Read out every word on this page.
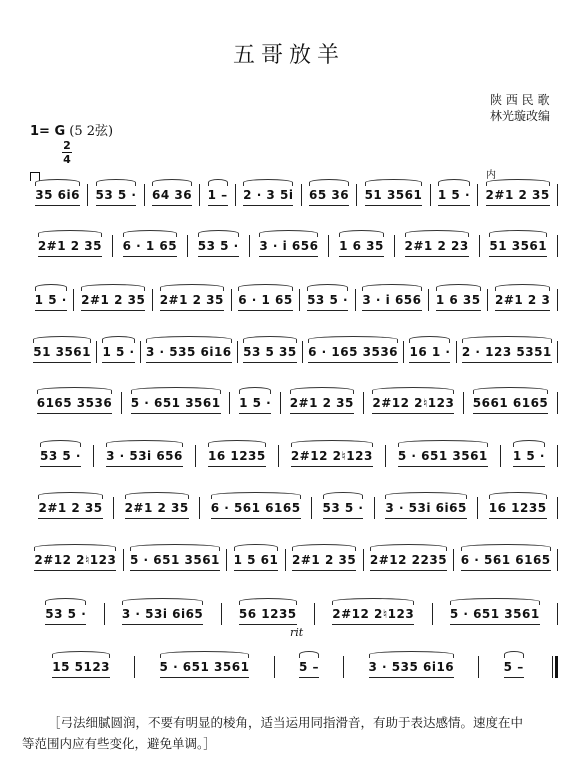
五哥放羊
陕 西 民 歌
林光璇改编
1= G (5 2弦)
2
4
内
rit
35 6i6 53 5 · 64 36 1 – 2 · 3 5i 65 36 51 3561 1 5 · 2#1 2 35
2#1 2 35 6 · 1 65 53 5 · 3 · i 656 1 6 35 2#1 2 23 51 3561
1 5 · 2#1 2 35 2#1 2 35 6 · 1 65 53 5 · 3 · i 656 1 6 35 2#1 2 3
51 3561 1 5 · 3 · 535 6i16 53 5 35 6 · 165 3536 16 1 · 2 · 123 5351
6165 3536 5 · 651 3561 1 5 · 2#1 2 35 2#12 2♮123 5661 6165
53 5 · 3 · 53i 656 16 1235 2#12 2♮123 5 · 651 3561 1 5 ·
2#1 2 35 2#1 2 35 6 · 561 6165 53 5 · 3 · 53i 6i65 16 1235
2#12 2♮123 5 · 651 3561 1 5 61 2#1 2 35 2#12 2235 6 · 561 6165
53 5 ·	3 · 53i 6i65	56 1235	2#12 2♮123	5 · 651 3561
15 5123	5 · 651 3561	5 –	3 · 535 6i16	5 –
［弓法细腻圆润，不要有明显的棱角，适当运用同指滑音，有助于表达感情。速度在中
等范围内应有些变化，避免单调。］
